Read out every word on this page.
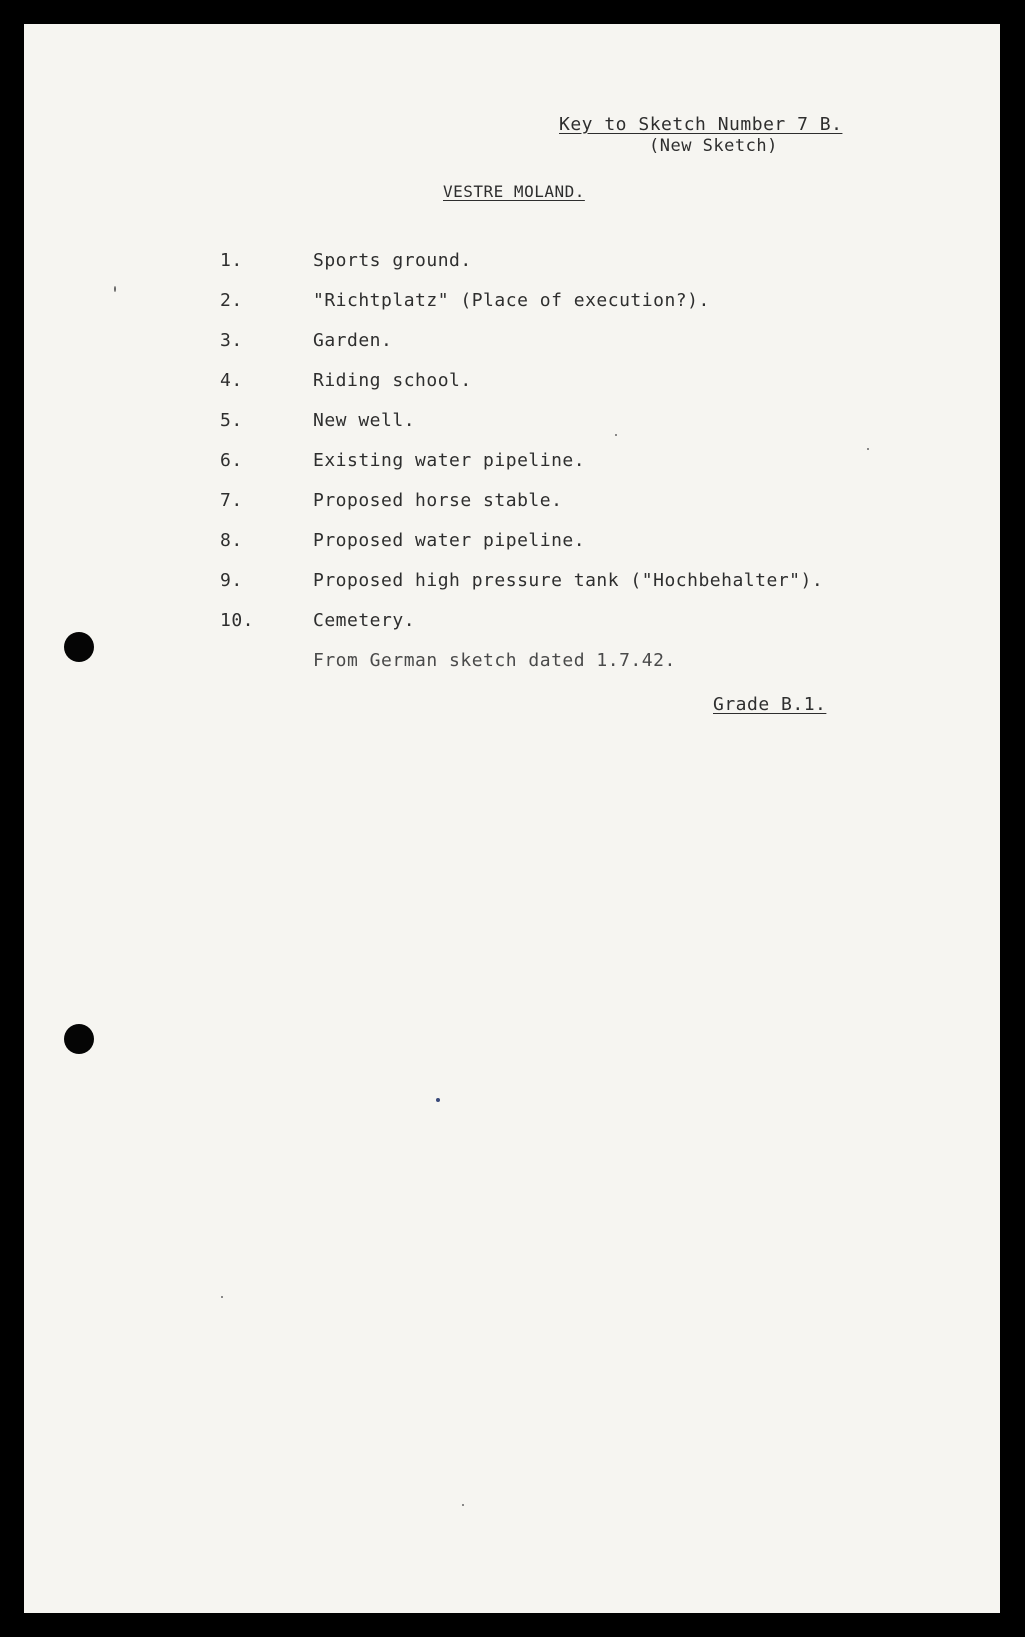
Key to Sketch Number 7 B.
(New Sketch)
VESTRE MOLAND.
1.	Sports ground.
2.	"Richtplatz" (Place of execution?).
3.	Garden.
4.	Riding school.
5.	New well.
6.	Existing water pipeline.
7.	Proposed horse stable.
8.	Proposed water pipeline.
9.	Proposed high pressure tank ("Hochbehalter").
10.	Cemetery.
From German sketch dated 1.7.42.
Grade B.1.
